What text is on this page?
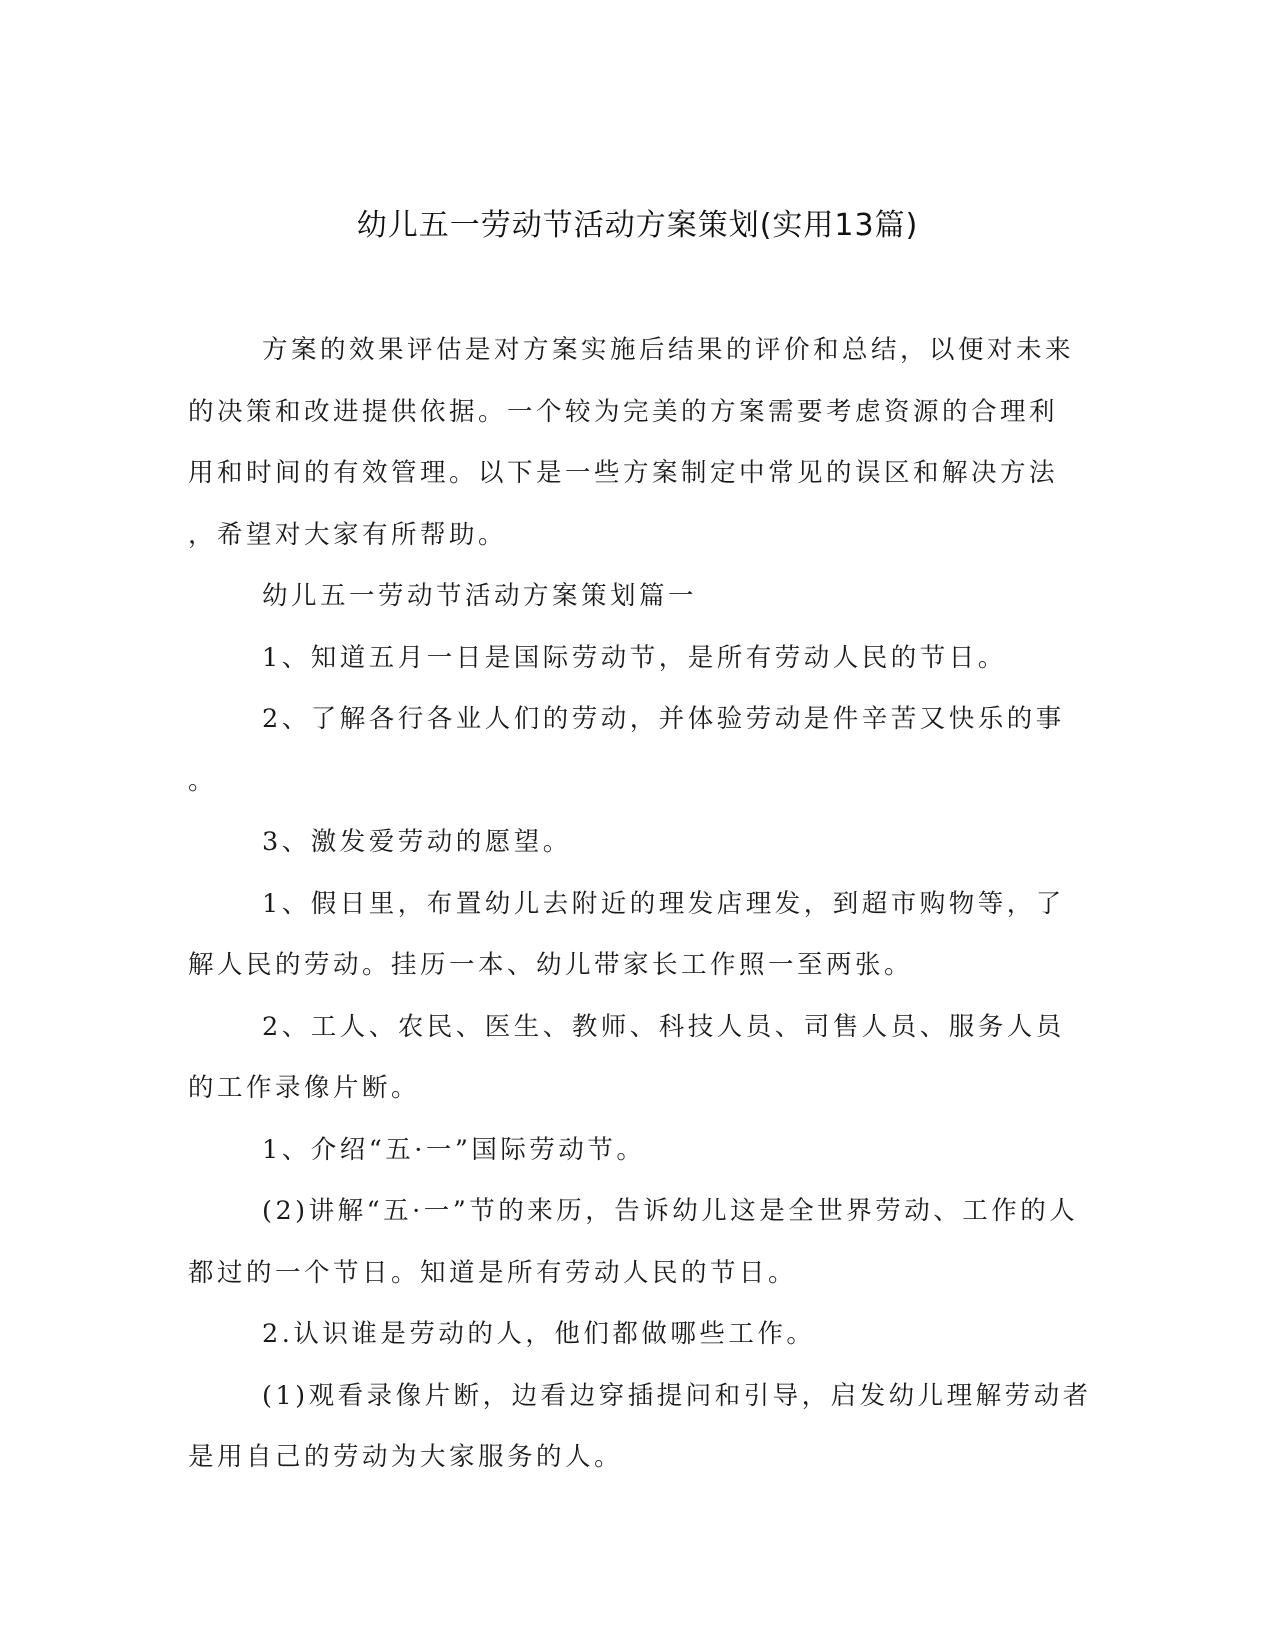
幼儿五一劳动节活动方案策划(实用13篇)

方案的效果评估是对方案实施后结果的评价和总结，以便对未来

的决策和改进提供依据。一个较为完美的方案需要考虑资源的合理利

用和时间的有效管理。以下是一些方案制定中常见的误区和解决方法

，希望对大家有所帮助。

幼儿五一劳动节活动方案策划篇一

1、知道五月一日是国际劳动节，是所有劳动人民的节日。

2、了解各行各业人们的劳动，并体验劳动是件辛苦又快乐的事

。

3、激发爱劳动的愿望。

1、假日里，布置幼儿去附近的理发店理发，到超市购物等，了

解人民的劳动。挂历一本、幼儿带家长工作照一至两张。

2、工人、农民、医生、教师、科技人员、司售人员、服务人员

的工作录像片断。

1、介绍“五·一”国际劳动节。

(2)讲解“五·一”节的来历，告诉幼儿这是全世界劳动、工作的人

都过的一个节日。知道是所有劳动人民的节日。

2.认识谁是劳动的人，他们都做哪些工作。

(1)观看录像片断，边看边穿插提问和引导，启发幼儿理解劳动者

是用自己的劳动为大家服务的人。
